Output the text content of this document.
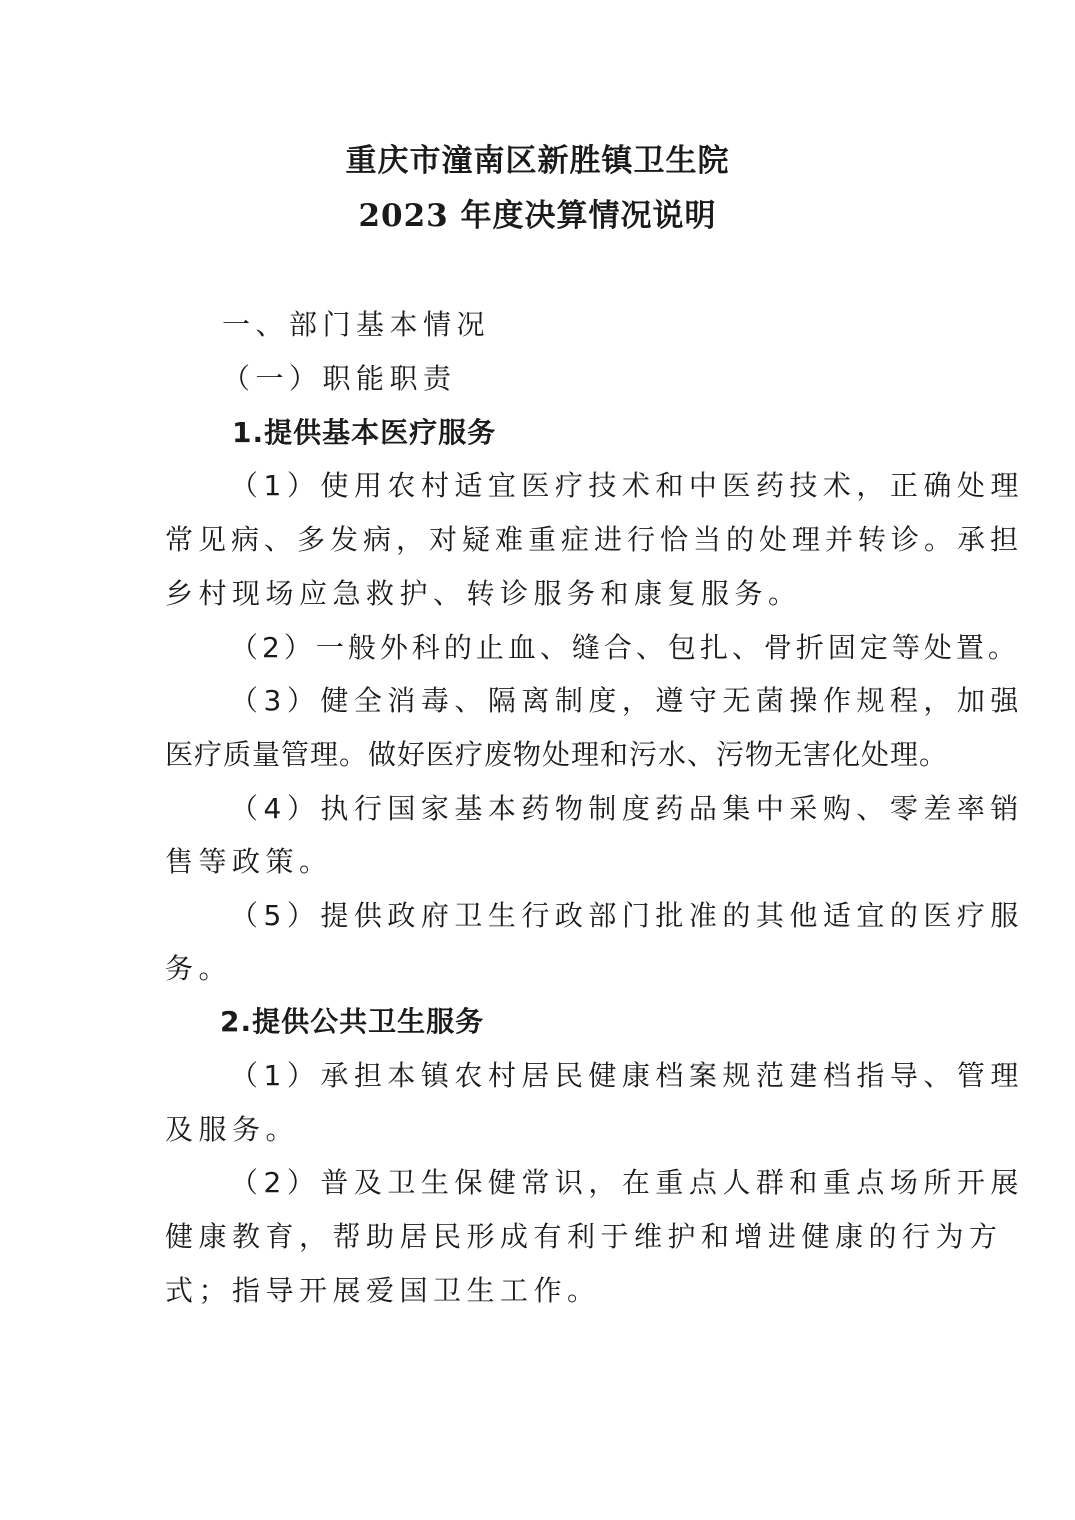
重庆市潼南区新胜镇卫生院
2023 年度决算情况说明
一、部门基本情况
（一）职能职责
1.提供基本医疗服务
（1）使用农村适宜医疗技术和中医药技术，正确处理
常见病、多发病，对疑难重症进行恰当的处理并转诊。承担
乡村现场应急救护、转诊服务和康复服务。
（2）一般外科的止血、缝合、包扎、骨折固定等处置。
（3）健全消毒、隔离制度，遵守无菌操作规程，加强
医疗质量管理。做好医疗废物处理和污水、污物无害化处理。
（4）执行国家基本药物制度药品集中采购、零差率销
售等政策。
（5）提供政府卫生行政部门批准的其他适宜的医疗服
务。
2.提供公共卫生服务
（1）承担本镇农村居民健康档案规范建档指导、管理
及服务。
（2）普及卫生保健常识，在重点人群和重点场所开展
健康教育，帮助居民形成有利于维护和增进健康的行为方
式；指导开展爱国卫生工作。
